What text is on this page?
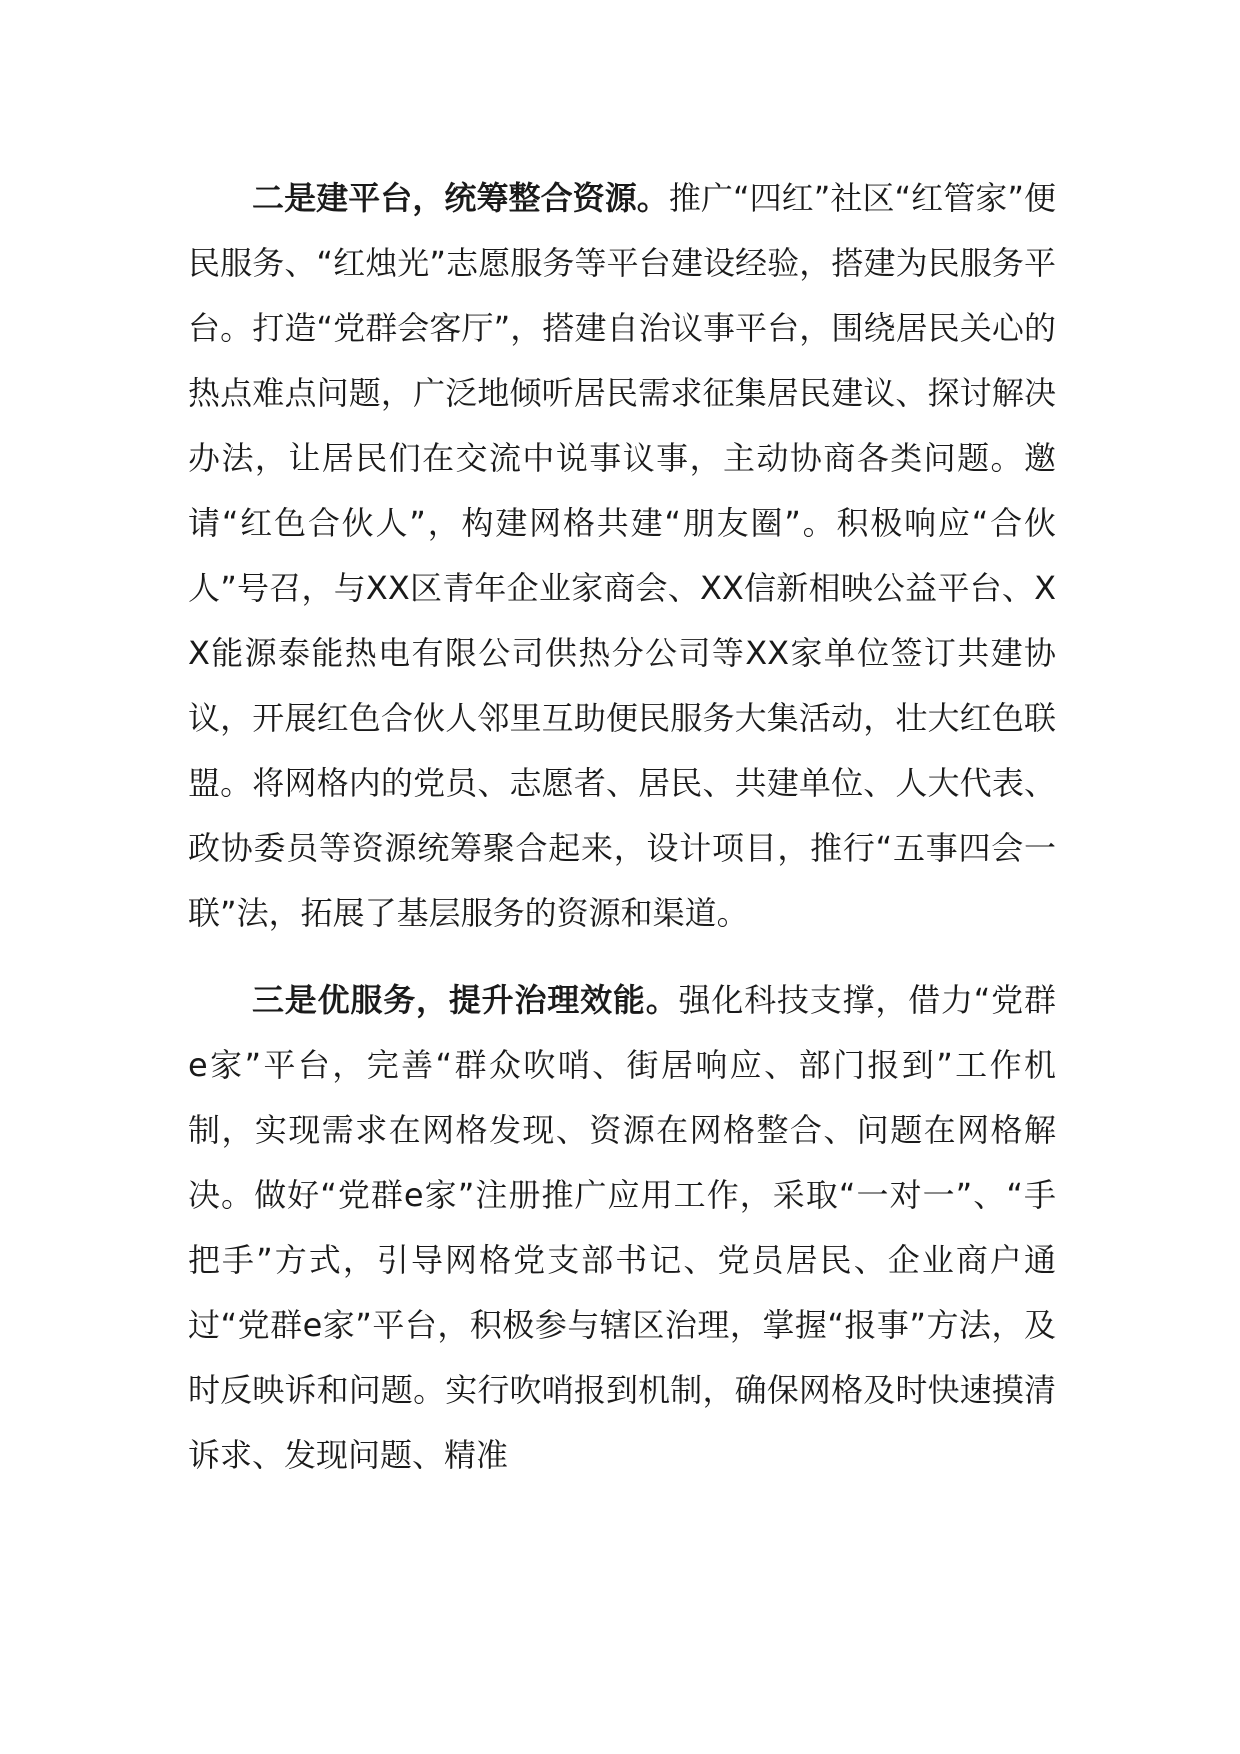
二是建平台，统筹整合资源。推广“四红”社区“红管家”便民服务、“红烛光”志愿服务等平台建设经验，搭建为民服务平台。打造“党群会客厅”，搭建自治议事平台，围绕居民关心的热点难点问题，广泛地倾听居民需求征集居民建议、探讨解决办法，让居民们在交流中说事议事，主动协商各类问题。邀请“红色合伙人”，构建网格共建“朋友圈”。积极响应“合伙人”号召，与XX区青年企业家商会、XX信新相映公益平台、XX能源泰能热电有限公司供热分公司等XX家单位签订共建协议，开展红色合伙人邻里互助便民服务大集活动，壮大红色联盟。将网格内的党员、志愿者、居民、共建单位、人大代表、政协委员等资源统筹聚合起来，设计项目，推行“五事四会一联”法，拓展了基层服务的资源和渠道。

三是优服务，提升治理效能。强化科技支撑，借力“党群e家”平台，完善“群众吹哨、街居响应、部门报到”工作机制，实现需求在网格发现、资源在网格整合、问题在网格解决。做好“党群e家”注册推广应用工作，采取“一对一”、“手把手”方式，引导网格党支部书记、党员居民、企业商户通过“党群e家”平台，积极参与辖区治理，掌握“报事”方法，及时反映诉和问题。实行吹哨报到机制，确保网格及时快速摸清诉求、发现问题、精准
